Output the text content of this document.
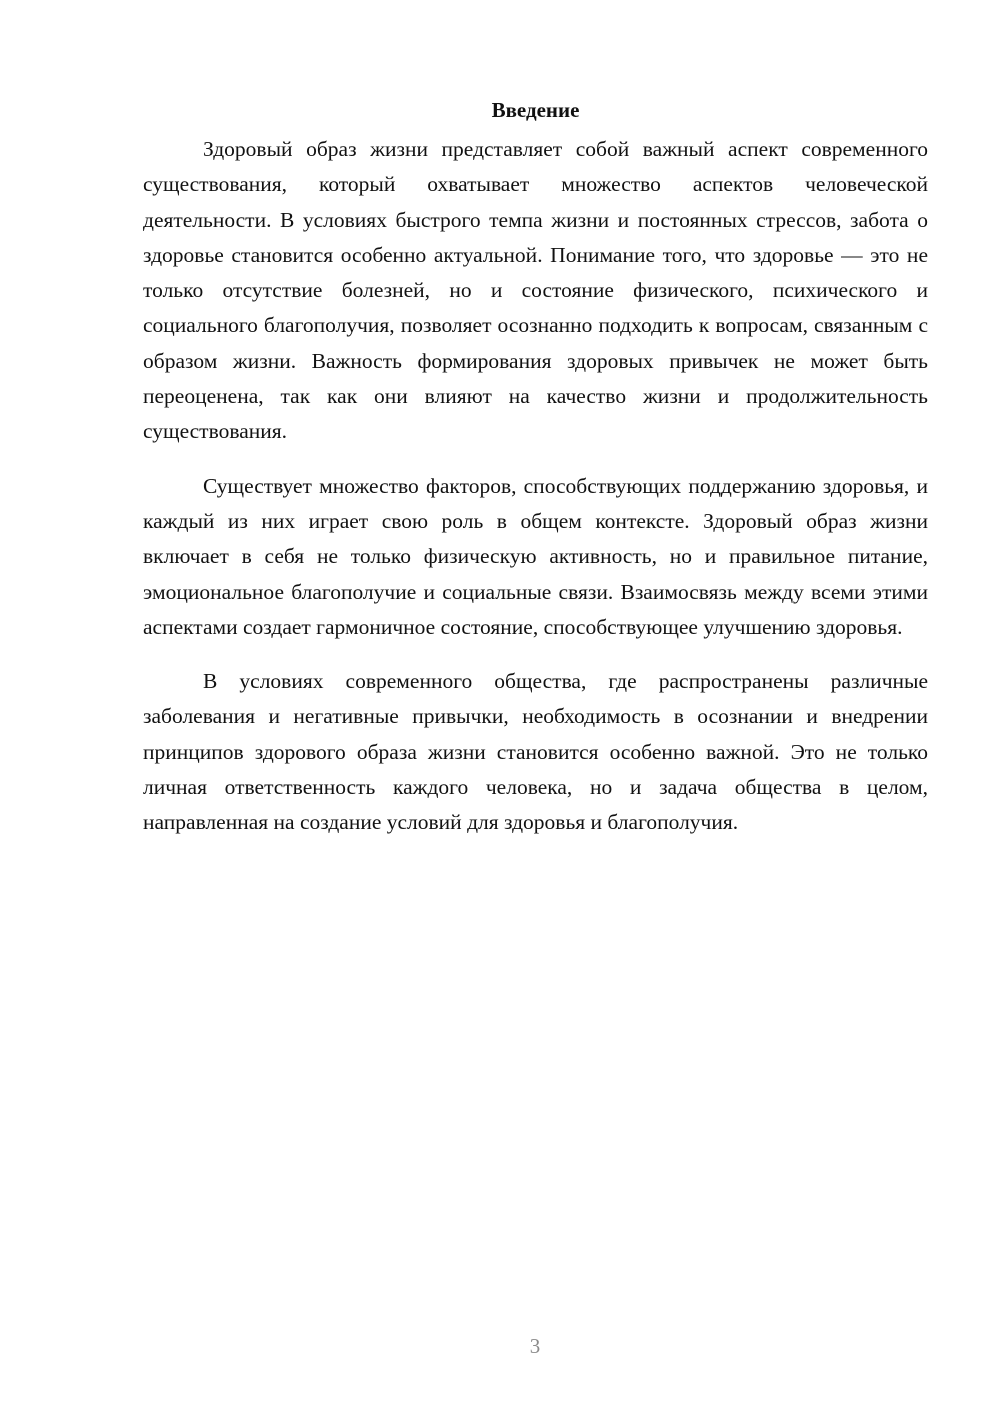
Введение

Здоровый образ жизни представляет собой важный аспект современного существования, который охватывает множество аспектов человеческой деятельности. В условиях быстрого темпа жизни и постоянных стрессов, забота о здоровье становится особенно актуальной. Понимание того, что здоровье — это не только отсутствие болезней, но и состояние физического, психического и социального благополучия, позволяет осознанно подходить к вопросам, связанным с образом жизни. Важность формирования здоровых привычек не может быть переоценена, так как они влияют на качество жизни и продолжительность существования.

Существует множество факторов, способствующих поддержанию здоровья, и каждый из них играет свою роль в общем контексте. Здоровый образ жизни включает в себя не только физическую активность, но и правильное питание, эмоциональное благополучие и социальные связи. Взаимосвязь между всеми этими аспектами создает гармоничное состояние, способствующее улучшению здоровья.

В условиях современного общества, где распространены различные заболевания и негативные привычки, необходимость в осознании и внедрении принципов здорового образа жизни становится особенно важной. Это не только личная ответственность каждого человека, но и задача общества в целом, направленная на создание условий для здоровья и благополучия.

3
